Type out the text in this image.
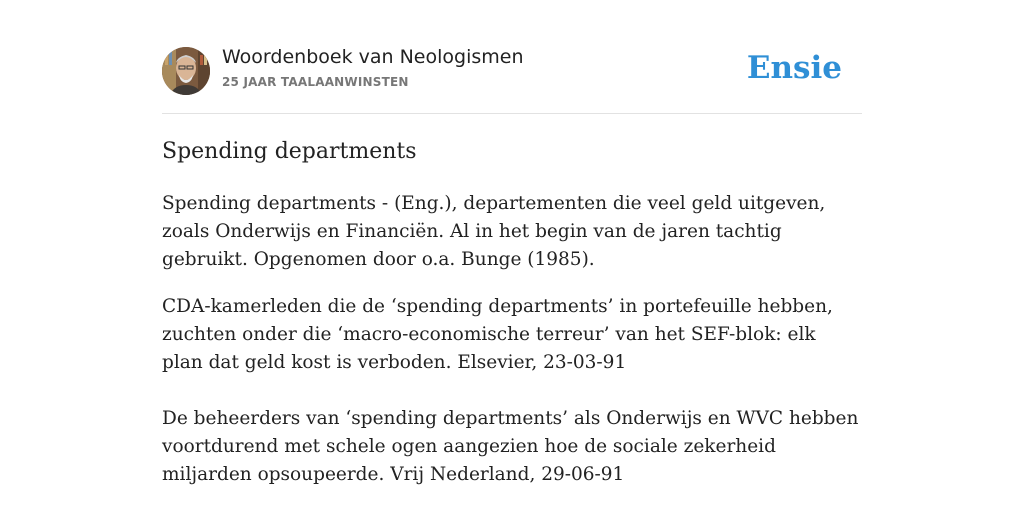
Woordenboek van Neologismen
25 JAAR TAALAANWINSTEN	Ensie
Spending departments

Spending departments - (Eng.), departementen die veel geld uitgeven, zoals Onderwijs en Financiën. Al in het begin van de jaren tachtig gebruikt. Opgenomen door o.a. Bunge (1985).

CDA-kamerleden die de ‘spending departments’ in portefeuille hebben, zuchten onder die ‘macro-economische terreur’ van het SEF-blok: elk plan dat geld kost is verboden. Elsevier, 23-03-91

De beheerders van ‘spending departments’ als Onderwijs en WVC hebben voortdurend met schele ogen aangezien hoe de sociale zekerheid miljarden opsoupeerde. Vrij Nederland, 29-06-91
